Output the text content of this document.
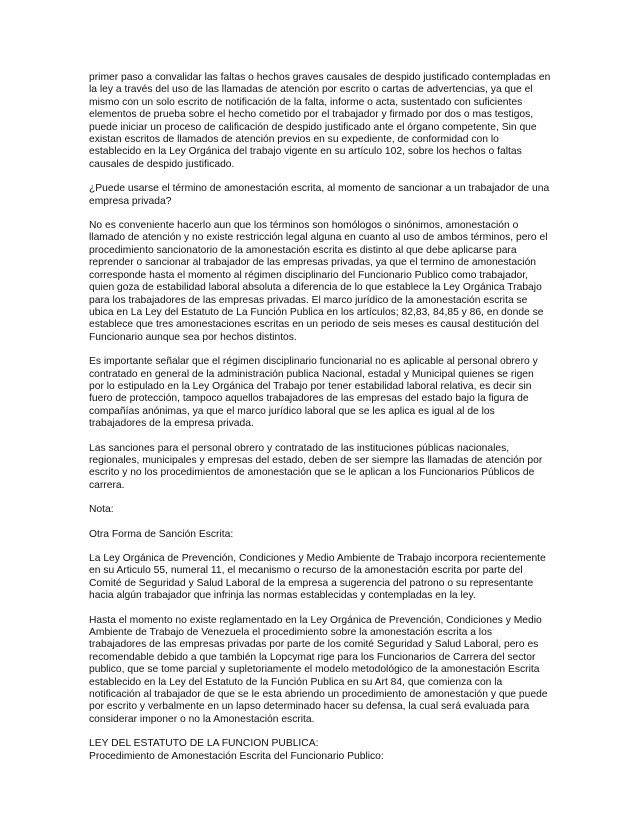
primer paso a convalidar las faltas o hechos graves causales de despido justificado contempladas en la ley a través del uso de las llamadas de atención por escrito o cartas de advertencias, ya que el mismo con un solo escrito de notificación de la falta, informe o acta, sustentado con suficientes elementos de prueba sobre el hecho cometido por el trabajador y firmado por dos o mas testigos, puede iniciar un proceso de calificación de despido justificado ante el órgano competente, Sin que existan escritos de llamados de atención previos en su expediente, de conformidad con lo establecido en la Ley Orgánica del trabajo vigente en su artículo 102, sobre los hechos o faltas causales de despido justificado.

¿Puede usarse el término de amonestación escrita, al momento de sancionar a un trabajador de una empresa privada?

No es conveniente hacerlo aun que los términos son homólogos o sinónimos, amonestación o llamado de atención y no existe restricción legal alguna en cuanto al uso de ambos términos, pero el procedimiento sancionatorio de la amonestación escrita es distinto al que debe aplicarse para reprender o sancionar al trabajador de las empresas privadas, ya que el termino de amonestación corresponde hasta el momento al régimen disciplinario del Funcionario Publico como trabajador, quien goza de estabilidad laboral absoluta a diferencia de lo que establece la Ley Orgánica Trabajo para los trabajadores de las empresas privadas. El marco jurídico de la amonestación escrita se ubica en La Ley del Estatuto de La Función Publica en los artículos; 82,83, 84,85 y 86, en donde se establece que tres amonestaciones escritas en un periodo de seis meses es causal destitución del Funcionario aunque sea por hechos distintos.

Es importante señalar que el régimen disciplinario funcionarial no es aplicable al personal obrero y contratado en general de la administración publica Nacional, estadal y Municipal quienes se rigen por lo estipulado en la Ley Orgánica del Trabajo por tener estabilidad laboral relativa, es decir sin fuero de protección, tampoco aquellos trabajadores de las empresas del estado bajo la figura de compañías anónimas, ya que el marco jurídico laboral que se les aplica es igual al de los trabajadores de la empresa privada.

Las sanciones para el personal obrero y contratado de las instituciones públicas nacionales, regionales, municipales y empresas del estado, deben de ser siempre las llamadas de atención por escrito y no los procedimientos de amonestación que se le aplican a los Funcionarios Públicos de carrera.

Nota:

Otra Forma de Sanción Escrita:

La Ley Orgánica de Prevención, Condiciones y Medio Ambiente de Trabajo incorpora recientemente en su Articulo 55, numeral 11, el mecanismo o recurso de la amonestación escrita por parte del Comité de Seguridad y Salud Laboral de la empresa a sugerencia del patrono o su representante hacia algún trabajador que infrinja las normas establecidas y contempladas en la ley.

Hasta el momento no existe reglamentado en la Ley Orgánica de Prevención, Condiciones y Medio Ambiente de Trabajo de Venezuela el procedimiento sobre la amonestación escrita a los trabajadores de las empresas privadas por parte de los comité Seguridad y Salud Laboral, pero es recomendable debido a que también la Lopcymat rige para los Funcionarios de Carrera del sector publico, que se tome parcial y supletoriamente el modelo metodológico de la amonestación Escrita establecido en la Ley del Estatuto de la Función Publica en su Art 84, que comienza con la notificación al trabajador de que se le esta abriendo un procedimiento de amonestación y que puede por escrito y verbalmente en un lapso determinado hacer su defensa, la cual será evaluada para considerar imponer o no la Amonestación escrita.

LEY DEL ESTATUTO DE LA FUNCION PUBLICA:

Procedimiento de Amonestación Escrita del Funcionario Publico:
